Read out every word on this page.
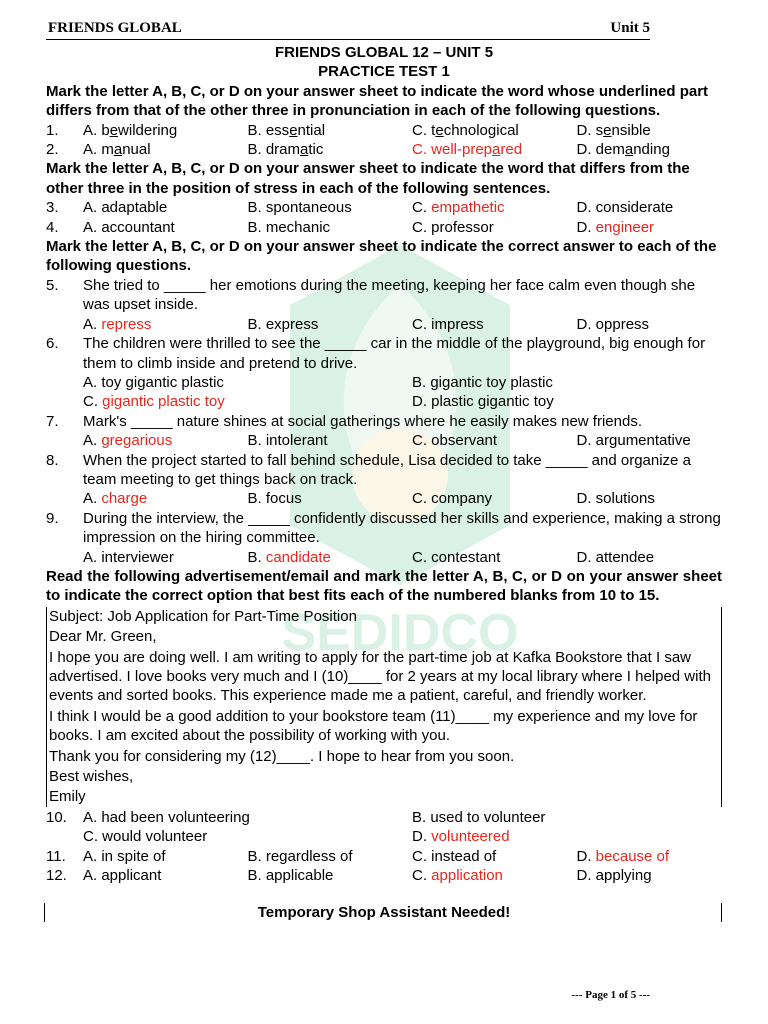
SEDIDCO
FRIENDS GLOBAL	Unit 5
FRIENDS GLOBAL 12 – UNIT 5
PRACTICE TEST 1
Mark the letter A, B, C, or D on your answer sheet to indicate the word whose underlined part differs from that of the other three in pronunciation in each of the following questions.
1.	A. bewildering	B. essential	C. technological	D. sensible
2.	A. manual	B. dramatic	C. well-prepared	D. demanding
Mark the letter A, B, C, or D on your answer sheet to indicate the word that differs from the other three in the position of stress in each of the following sentences.
3.	A. adaptable	B. spontaneous	C. empathetic	D. considerate
4.	A. accountant	B. mechanic	C. professor	D. engineer
Mark the letter A, B, C, or D on your answer sheet to indicate the correct answer to each of the following questions.
5.	She tried to _____ her emotions during the meeting, keeping her face calm even though she was upset inside.
A. repress	B. express	C. impress	D. oppress
6.	The children were thrilled to see the _____ car in the middle of the playground, big enough for them to climb inside and pretend to drive.
A. toy gigantic plastic	B. gigantic toy plastic
C. gigantic plastic toy	D. plastic gigantic toy
7.	Mark's _____ nature shines at social gatherings where he easily makes new friends.
A. gregarious	B. intolerant	C. observant	D. argumentative
8.	When the project started to fall behind schedule, Lisa decided to take _____ and organize a team meeting to get things back on track.
A. charge	B. focus	C. company	D. solutions
9.	During the interview, the _____ confidently discussed her skills and experience, making a strong impression on the hiring committee.
A. interviewer	B. candidate	C. contestant	D. attendee
Read the following advertisement/email and mark the letter A, B, C, or D on your answer sheet to indicate the correct option that best fits each of the numbered blanks from 10 to 15.

Subject: Job Application for Part-Time Position

Dear Mr. Green,

I hope you are doing well. I am writing to apply for the part-time job at Kafka Bookstore that I saw advertised. I love books very much and I (10)____ for 2 years at my local library where I helped with events and sorted books. This experience made me a patient, careful, and friendly worker.

I think I would be a good addition to your bookstore team (11)____ my experience and my love for books. I am excited about the possibility of working with you.

Thank you for considering my (12)____. I hope to hear from you soon.

Best wishes,

Emily

10.	A. had been volunteering	B. used to volunteer
C. would volunteer	D. volunteered
11.	A. in spite of	B. regardless of	C. instead of	D. because of
12.	A. applicant	B. applicable	C. application	D. applying
Temporary Shop Assistant Needed!
--- Page 1 of 5 ---
